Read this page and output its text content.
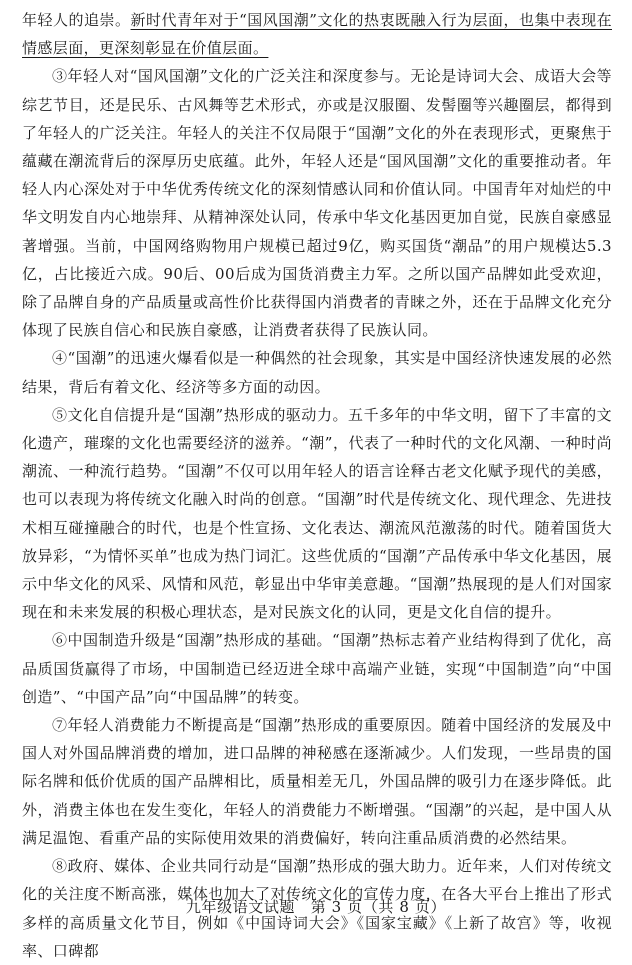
年轻人的追崇。新时代青年对于“国风国潮”文化的热衷既融入行为层面，也集中表现在情感层面，更深刻彰显在价值层面。

③年轻人对“国风国潮”文化的广泛关注和深度参与。无论是诗词大会、成语大会等综艺节目，还是民乐、古风舞等艺术形式，亦或是汉服圈、发髻圈等兴趣圈层，都得到了年轻人的广泛关注。年轻人的关注不仅局限于“国潮”文化的外在表现形式，更聚焦于蕴藏在潮流背后的深厚历史底蕴。此外，年轻人还是“国风国潮”文化的重要推动者。年轻人内心深处对于中华优秀传统文化的深刻情感认同和价值认同。中国青年对灿烂的中华文明发自内心地崇拜、从精神深处认同，传承中华文化基因更加自觉，民族自豪感显著增强。当前，中国网络购物用户规模已超过9亿，购买国货“潮品”的用户规模达5.3亿，占比接近六成。90后、00后成为国货消费主力军。之所以国产品牌如此受欢迎，除了品牌自身的产品质量或高性价比获得国内消费者的青睐之外，还在于品牌文化充分体现了民族自信心和民族自豪感，让消费者获得了民族认同。

④“国潮”的迅速火爆看似是一种偶然的社会现象，其实是中国经济快速发展的必然结果，背后有着文化、经济等多方面的动因。

⑤文化自信提升是“国潮”热形成的驱动力。五千多年的中华文明，留下了丰富的文化遗产，璀璨的文化也需要经济的滋养。“潮”，代表了一种时代的文化风潮、一种时尚潮流、一种流行趋势。“国潮”不仅可以用年轻人的语言诠释古老文化赋予现代的美感，也可以表现为将传统文化融入时尚的创意。“国潮”时代是传统文化、现代理念、先进技术相互碰撞融合的时代，也是个性宣扬、文化表达、潮流风范激荡的时代。随着国货大放异彩，“为情怀买单”也成为热门词汇。这些优质的“国潮”产品传承中华文化基因，展示中华文化的风采、风情和风范，彰显出中华审美意趣。“国潮”热展现的是人们对国家现在和未来发展的积极心理状态，是对民族文化的认同，更是文化自信的提升。

⑥中国制造升级是“国潮”热形成的基础。“国潮”热标志着产业结构得到了优化，高品质国货赢得了市场，中国制造已经迈进全球中高端产业链，实现“中国制造”向“中国创造”、“中国产品”向“中国品牌”的转变。

⑦年轻人消费能力不断提高是“国潮”热形成的重要原因。随着中国经济的发展及中国人对外国品牌消费的增加，进口品牌的神秘感在逐渐减少。人们发现，一些昂贵的国际名牌和低价优质的国产品牌相比，质量相差无几，外国品牌的吸引力在逐步降低。此外，消费主体也在发生变化，年轻人的消费能力不断增强。“国潮”的兴起，是中国人从满足温饱、看重产品的实际使用效果的消费偏好，转向注重品质消费的必然结果。

⑧政府、媒体、企业共同行动是“国潮”热形成的强大助力。近年来，人们对传统文化的关注度不断高涨，媒体也加大了对传统文化的宣传力度，在各大平台上推出了形式多样的高质量文化节目，例如《中国诗词大会》《国家宝藏》《上新了故宫》等，收视率、口碑都

九年级语文试题　第 3 页（共 8 页）
